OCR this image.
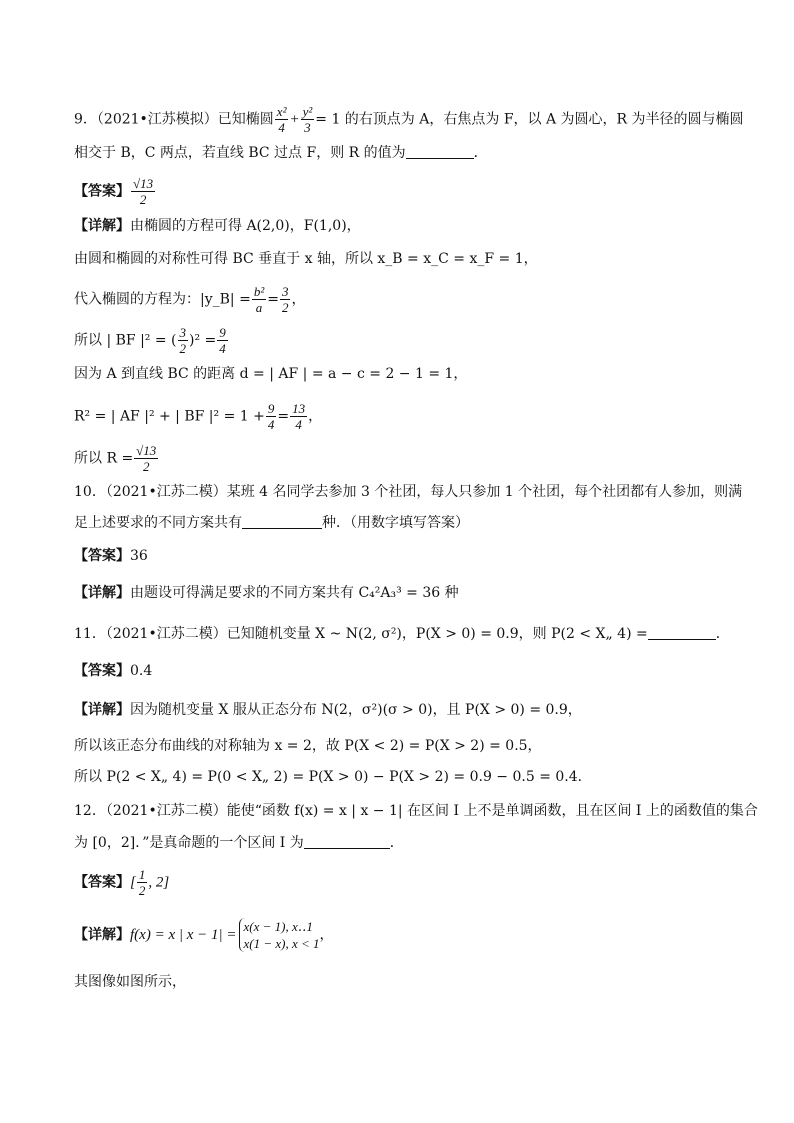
9．（2021•江苏模拟）已知椭圆 $\frac{\text{x²}}{4} + \frac{\text{y²}}{3} = 1$ 的右顶点为 A，右焦点为 F，以 A 为圆心，R 为半径的圆与椭圆
相交于 B，C 两点，若直线 BC 过点 F，则 R 的值为	．
【答案】 $\frac{√13}{2}$
【详解】由椭圆的方程可得 A(2,0)，F(1,0)，
由圆和椭圆的对称性可得 BC 垂直于 x 轴，所以 x_B = x_C = x_F = 1，
代入椭圆的方程为：|y_B| = $\frac{\text{b²}}{a} = \frac{3}{2}$ ，
所以 | BF |² = ( $\frac{3}{2} )^2 = \frac{9}{4}$
因为 A 到直线 BC 的距离 d = | AF | = a − c = 2 − 1 = 1，
R² = | AF |² + | BF $|^2 = 1 + \frac{9}{4} = \frac{13}{4}$ ，
所以 $R = \frac{√13}{2}$
10．（2021•江苏二模）某班 4 名同学去参加 3 个社团，每人只参加 1 个社团，每个社团都有人参加，则满
足上述要求的不同方案共有	种．（用数字填写答案）
【答案】36
【详解】由题设可得满足要求的不同方案共有 C₄²A₃³ = 36 种
11．（2021•江苏二模）已知随机变量 X ~ N(2, σ²)，P(X > 0) = 0.9，则 P(2 < X„ 4) =	．
【答案】0.4
【详解】因为随机变量 X 服从正态分布 N(2，σ²)(σ > 0)，且 P(X > 0) = 0.9，
所以该正态分布曲线的对称轴为 x = 2，故 P(X < 2) = P(X > 2) = 0.5，
所以 P(2 < X„ 4) = P(0 < X„ 2) = P(X > 0) − P(X > 2) = 0.9 − 0.5 = 0.4．
12．（2021•江苏二模）能使“函数 f(x) = x | x − 1| 在区间 I 上不是单调函数，且在区间 I 上的函数值的集合
为 [0，2]．”是真命题的一个区间 I 为	．
【答案】[ $\frac{1}{2}$ , 2]
【详解】f(x) = x | x − 1| =
x(x − 1), x‥1
x(1 − x), x < 1
，
其图像如图所示，
